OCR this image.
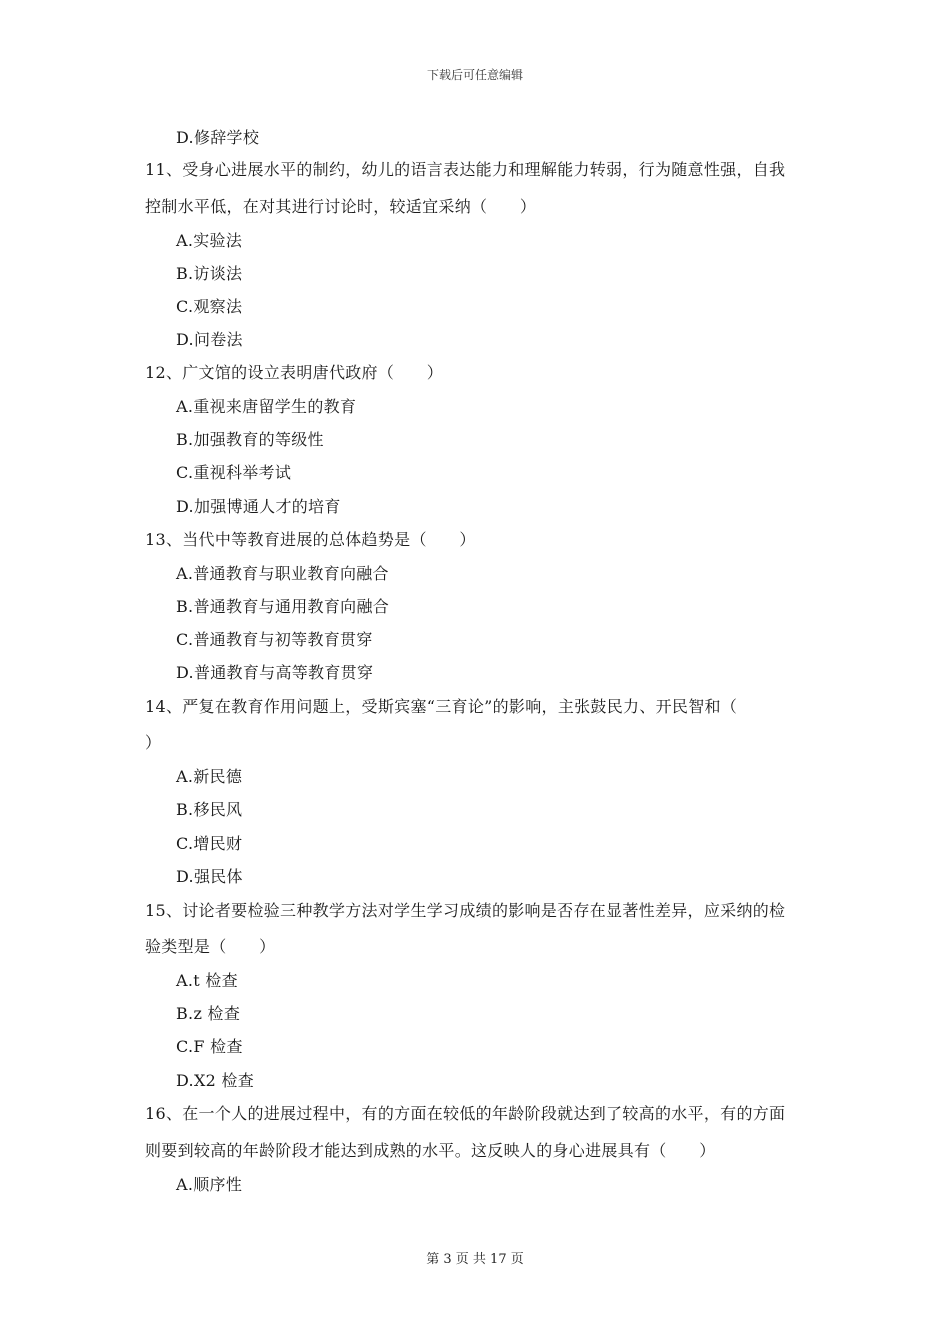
下载后可任意编辑
D.修辞学校
11、受身心进展水平的制约，幼儿的语言表达能力和理解能力转弱，行为随意性强，自我
控制水平低，在对其进行讨论时，较适宜采纳（　　）
A.实验法
B.访谈法
C.观察法
D.问卷法
12、广文馆的设立表明唐代政府（　　）
A.重视来唐留学生的教育
B.加强教育的等级性
C.重视科举考试
D.加强博通人才的培育
13、当代中等教育进展的总体趋势是（　　）
A.普通教育与职业教育向融合
B.普通教育与通用教育向融合
C.普通教育与初等教育贯穿
D.普通教育与高等教育贯穿
14、严复在教育作用问题上，受斯宾塞“三育论”的影响，主张鼓民力、开民智和（
）
A.新民德
B.移民风
C.增民财
D.强民体
15、讨论者要检验三种教学方法对学生学习成绩的影响是否存在显著性差异，应采纳的检
验类型是（　　）
A.t 检查
B.z 检查
C.F 检查
D.X2 检查
16、在一个人的进展过程中，有的方面在较低的年龄阶段就达到了较高的水平，有的方面
则要到较高的年龄阶段才能达到成熟的水平。这反映人的身心进展具有（　　）
A.顺序性
第 3 页 共 17 页
